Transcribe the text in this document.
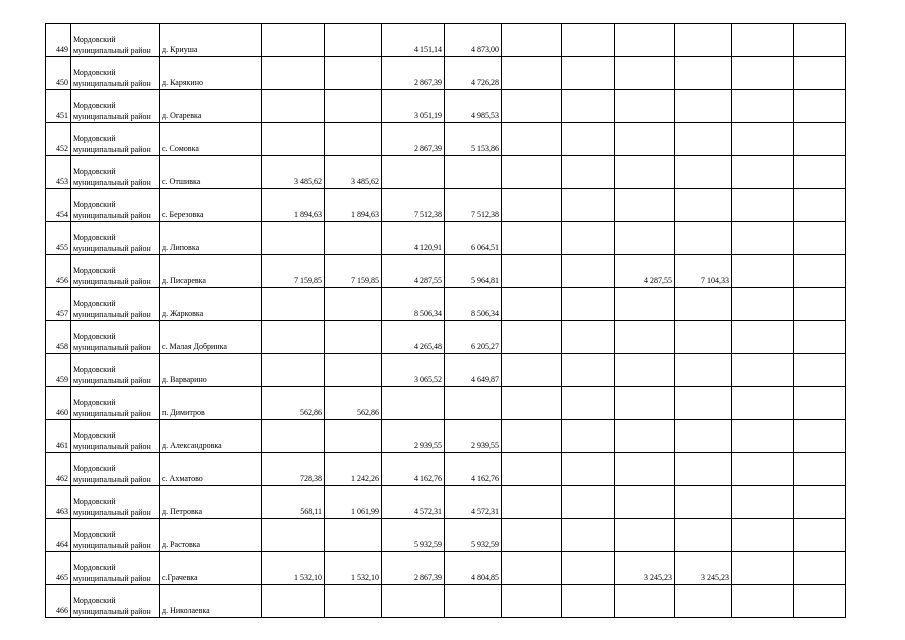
449	Мордовский муниципальный район	д. Криуша			4 151,14	4 873,00						
450	Мордовский муниципальный район	д. Карякино			2 867,39	4 726,28						
451	Мордовский муниципальный район	д. Огаревка			3 051,19	4 985,53						
452	Мордовский муниципальный район	с. Сомовка			2 867,39	5 153,86						
453	Мордовский муниципальный район	с. Отшивка	3 485,62	3 485,62								
454	Мордовский муниципальный район	с. Березовка	1 894,63	1 894,63	7 512,38	7 512,38						
455	Мордовский муниципальный район	д. Липовка			4 120,91	6 064,51						
456	Мордовский муниципальный район	д. Писаревка	7 159,85	7 159,85	4 287,55	5 964,81			4 287,55	7 104,33		
457	Мордовский муниципальный район	д. Жарковка			8 506,34	8 506,34						
458	Мордовский муниципальный район	с. Малая Добринка			4 265,48	6 205,27						
459	Мордовский муниципальный район	д. Варварино			3 065,52	4 649,87						
460	Мордовский муниципальный район	п. Димитров	562,86	562,86								
461	Мордовский муниципальный район	д. Александровка			2 939,55	2 939,55						
462	Мордовский муниципальный район	с. Ахматово	728,38	1 242,26	4 162,76	4 162,76						
463	Мордовский муниципальный район	д. Петровка	568,11	1 061,99	4 572,31	4 572,31						
464	Мордовский муниципальный район	д. Растовка			5 932,59	5 932,59						
465	Мордовский муниципальный район	с.Грачевка	1 532,10	1 532,10	2 867,39	4 804,85			3 245,23	3 245,23		
466	Мордовский муниципальный район	д. Николаевка										
